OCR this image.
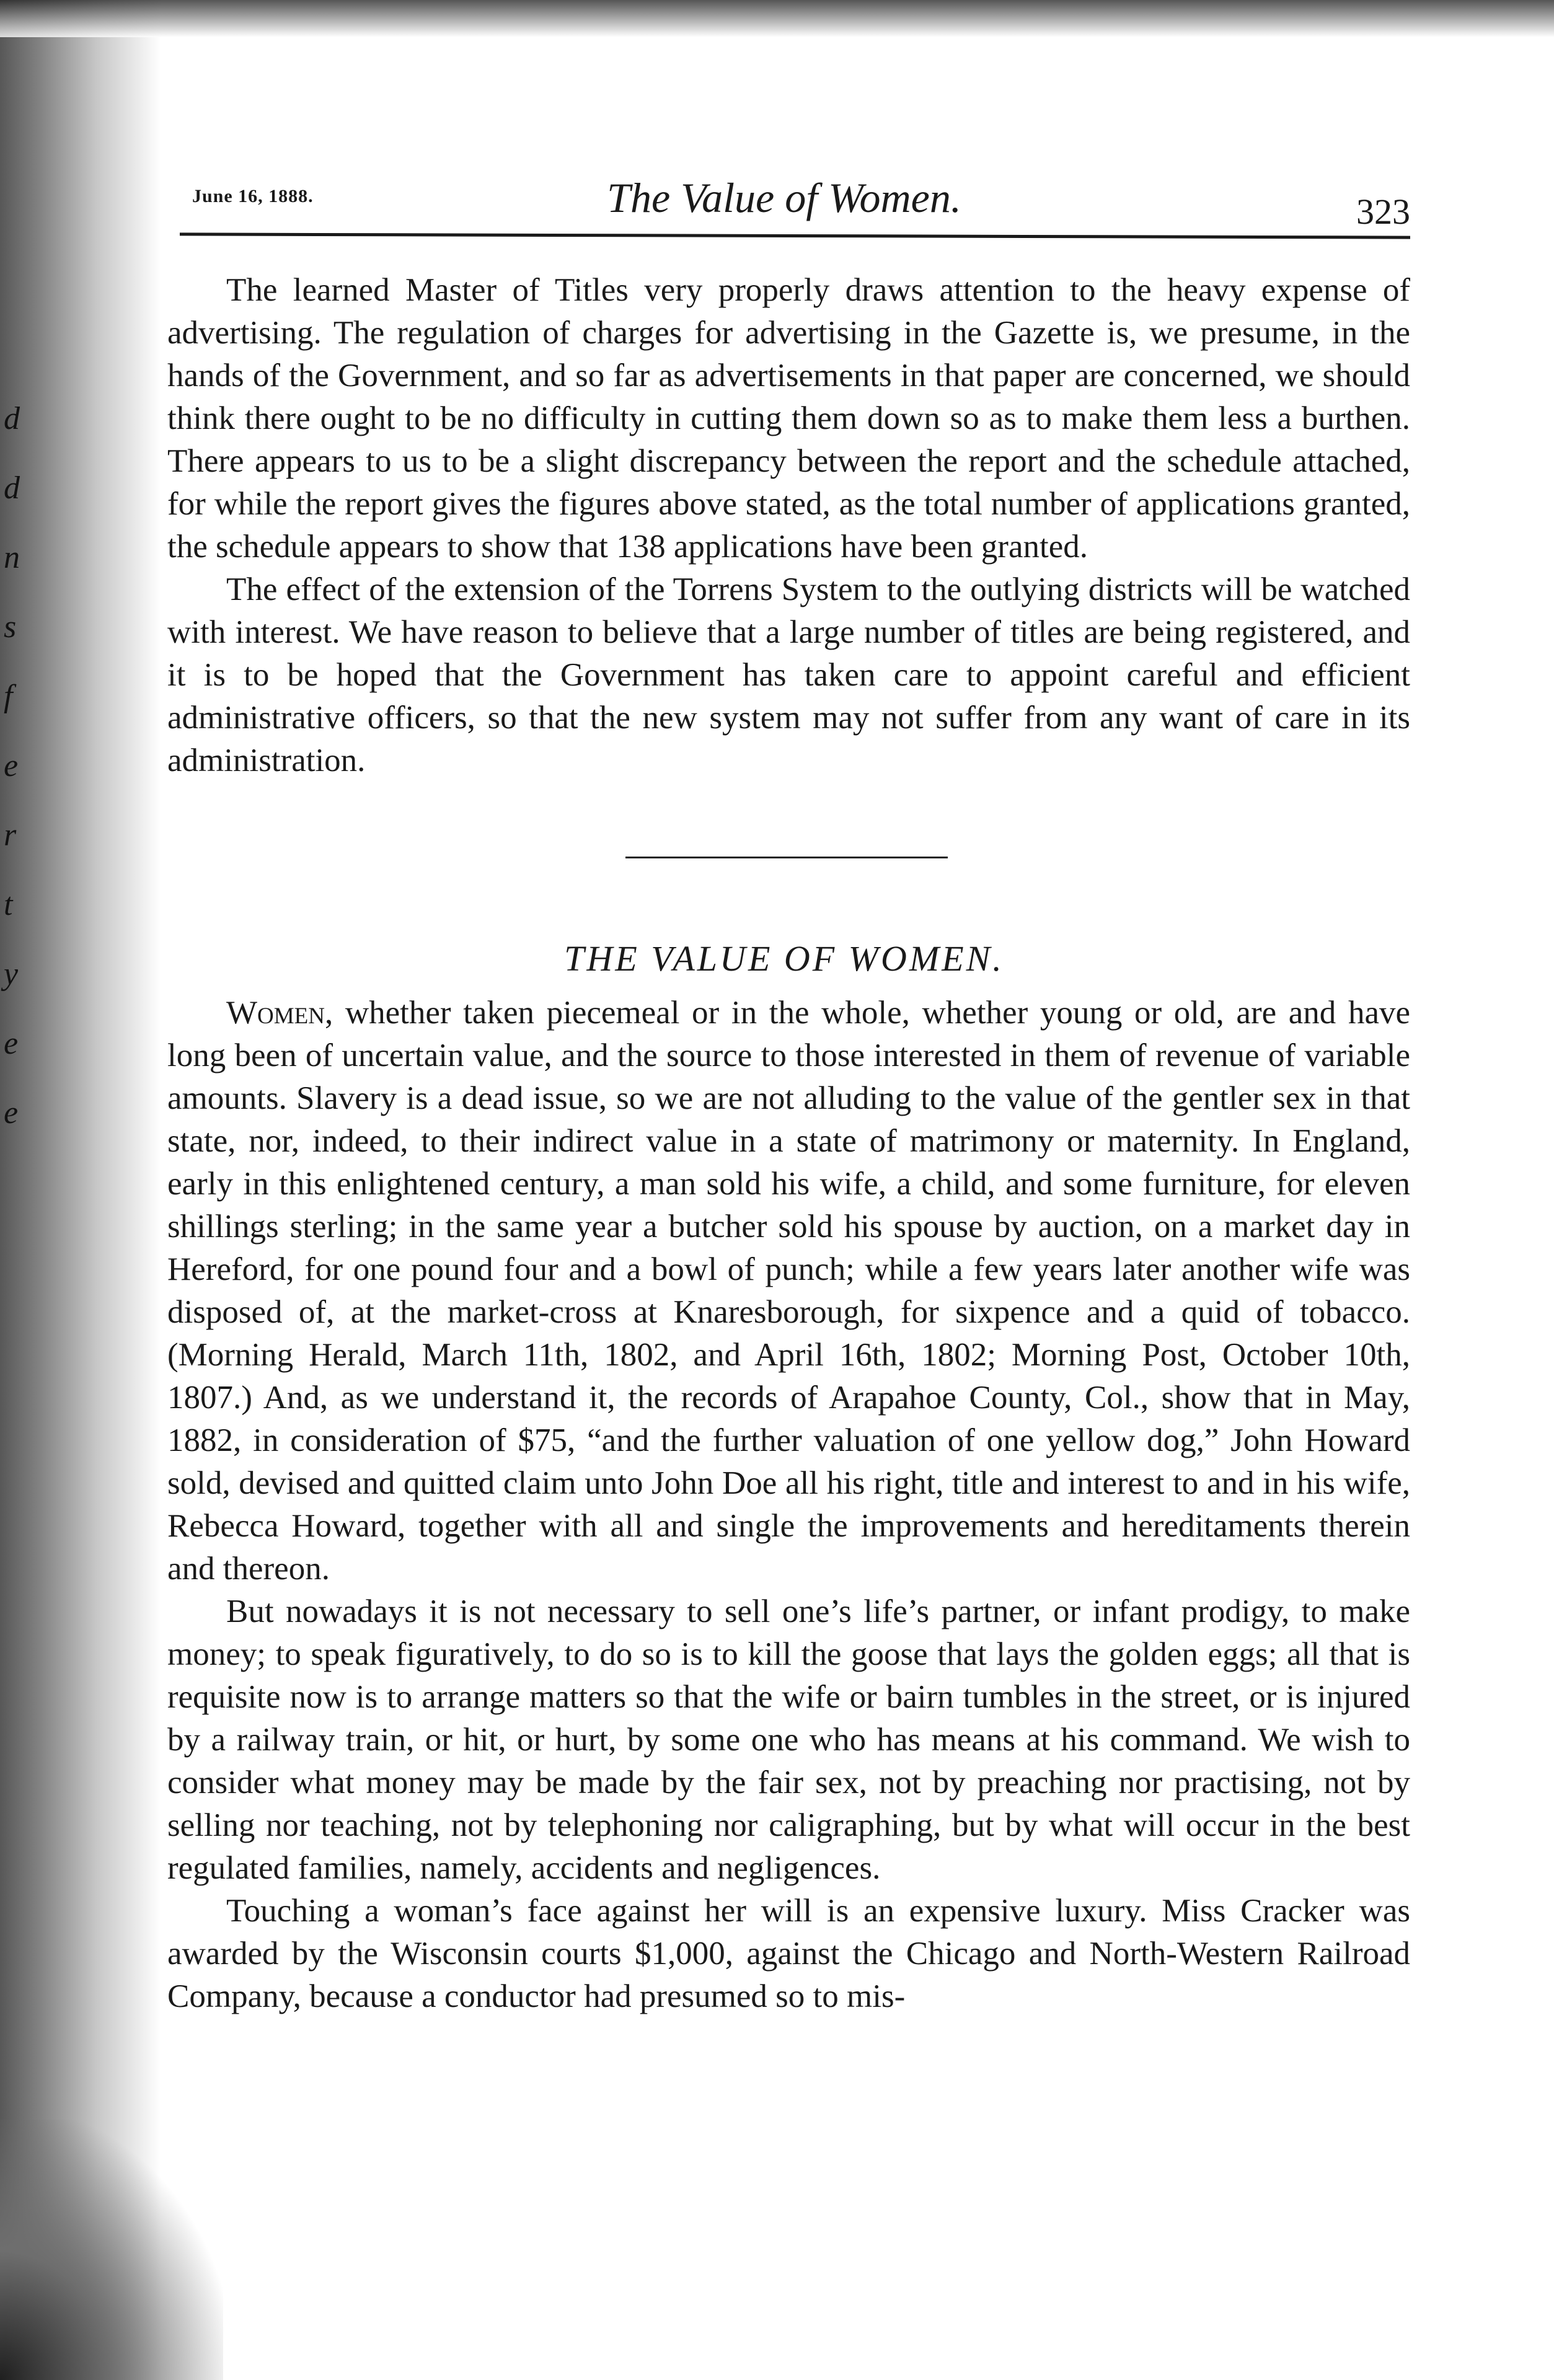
d
d
n
s
f
e
r
t
y
e
e
June 16, 1888.	The Value of Women.	323

The learned Master of Titles very properly draws attention to the heavy expense of advertising. The regulation of charges for advertising in the Gazette is, we presume, in the hands of the Government, and so far as advertisements in that paper are concerned, we should think there ought to be no difficulty in cutting them down so as to make them less a burthen. There appears to us to be a slight discrepancy between the report and the schedule attached, for while the report gives the figures above stated, as the total number of applications granted, the schedule appears to show that 138 applications have been granted.

The effect of the extension of the Torrens System to the outlying districts will be watched with interest. We have reason to believe that a large number of titles are being registered, and it is to be hoped that the Government has taken care to appoint careful and efficient administrative officers, so that the new system may not suffer from any want of care in its administration.

THE VALUE OF WOMEN.

Women, whether taken piecemeal or in the whole, whether young or old, are and have long been of uncertain value, and the source to those interested in them of revenue of variable amounts. Slavery is a dead issue, so we are not alluding to the value of the gentler sex in that state, nor, indeed, to their indirect value in a state of matrimony or maternity. In England, early in this enlightened century, a man sold his wife, a child, and some furniture, for eleven shillings sterling; in the same year a butcher sold his spouse by auction, on a market day in Hereford, for one pound four and a bowl of punch; while a few years later another wife was disposed of, at the market-cross at Knaresborough, for sixpence and a quid of tobacco. (Morning Herald, March 11th, 1802, and April 16th, 1802; Morning Post, October 10th, 1807.) And, as we understand it, the records of Arapahoe County, Col., show that in May, 1882, in consideration of $75, “and the further valuation of one yellow dog,” John Howard sold, devised and quitted claim unto John Doe all his right, title and interest to and in his wife, Rebecca Howard, together with all and single the improvements and hereditaments therein and thereon.

But nowadays it is not necessary to sell one’s life’s partner, or infant prodigy, to make money; to speak figuratively, to do so is to kill the goose that lays the golden eggs; all that is requisite now is to arrange matters so that the wife or bairn tumbles in the street, or is injured by a railway train, or hit, or hurt, by some one who has means at his command. We wish to consider what money may be made by the fair sex, not by preaching nor practising, not by selling nor teaching, not by telephoning nor caligraphing, but by what will occur in the best regulated families, namely, accidents and negligences.

Touching a woman’s face against her will is an expensive luxury. Miss Cracker was awarded by the Wisconsin courts $1,000, against the Chicago and North-Western Railroad Company, because a conductor had presumed so to mis-
